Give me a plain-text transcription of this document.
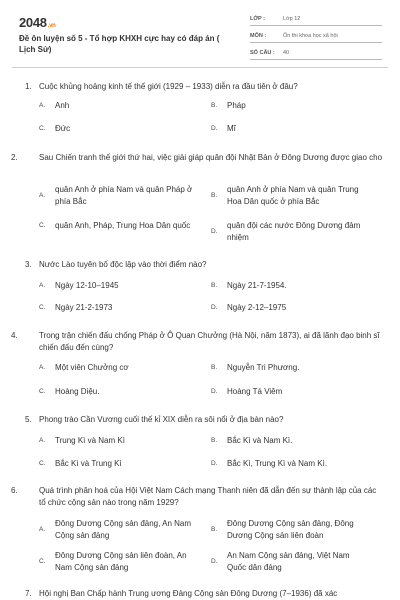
2048.vn
Đề ôn luyện số 5 - Tổ hợp KHXH cực hay có đáp án ( Lịch Sử)
LỚP :	Lớp 12
MÔN :	Ôn thi khoa học xã hội
SỐ CÂU :	40
1. Cuộc khủng hoảng kinh tế thế giới (1929 – 1933) diễn ra đầu tiên ở đâu?
A.	Anh	B.	Pháp
C.	Đức	D.	Mĩ
2.	Sau Chiến tranh thế giới thứ hai, việc giải giáp quân đội Nhật Bản ở Đông Dương được giao cho
A.
quân Anh ở phía Nam và quân Pháp ở phía Bắc
B.
quân Anh ở phía Nam và quân Trung Hoa Dân quốc ở phía Bắc
C.	quân Anh, Pháp, Trung Hoa Dân quốc
D.
quân đội các nước Đông Dương đảm nhiệm
3. Nước Lào tuyên bố độc lập vào thời điểm nào?
A.	Ngày 12-10–1945	B.	Ngày 21-7-1954.
C.	Ngày 21-2-1973	D.	Ngày 2-12–1975
4.	Trong trận chiến đấu chống Pháp ở Ô Quan Chưởng (Hà Nội, năm 1873), ai đã lãnh đạo binh sĩ chiến đấu đến cùng?
A.	Một viên Chưởng cơ	B.	Nguyễn Tri Phương.
C.	Hoàng Diệu.	D.	Hoàng Tá Viêm
5. Phong trào Cần Vương cuối thế kỉ XIX diễn ra sôi nổi ở địa bàn nào?
A.	Trung Kì và Nam Kì	B.	Bắc Kì và Nam Kì.
C.	Bắc Kì và Trung Kì	D.	Bắc Kì, Trung Kì và Nam Kì.
6.	Quá trình phân hoá của Hội Việt Nam Cách mạng Thanh niên đã dẫn đến sự thành lập của các tổ chức cộng sản nào trong năm 1929?
A.
Đông Dương Cộng sản đảng, An Nam Cộng sản đảng
B.
Đông Dương Cộng sản đảng, Đông Dương Cộng sản liên đoàn
C.
Đông Dương Cộng sản liên đoàn, An Nam Cộng sản đảng
D.
An Nam Cộng sản đảng, Việt Nam Quốc dân đảng
7. Hội nghị Ban Chấp hành Trung ương Đảng Cộng sản Đông Dương (7–1936) đã xác
